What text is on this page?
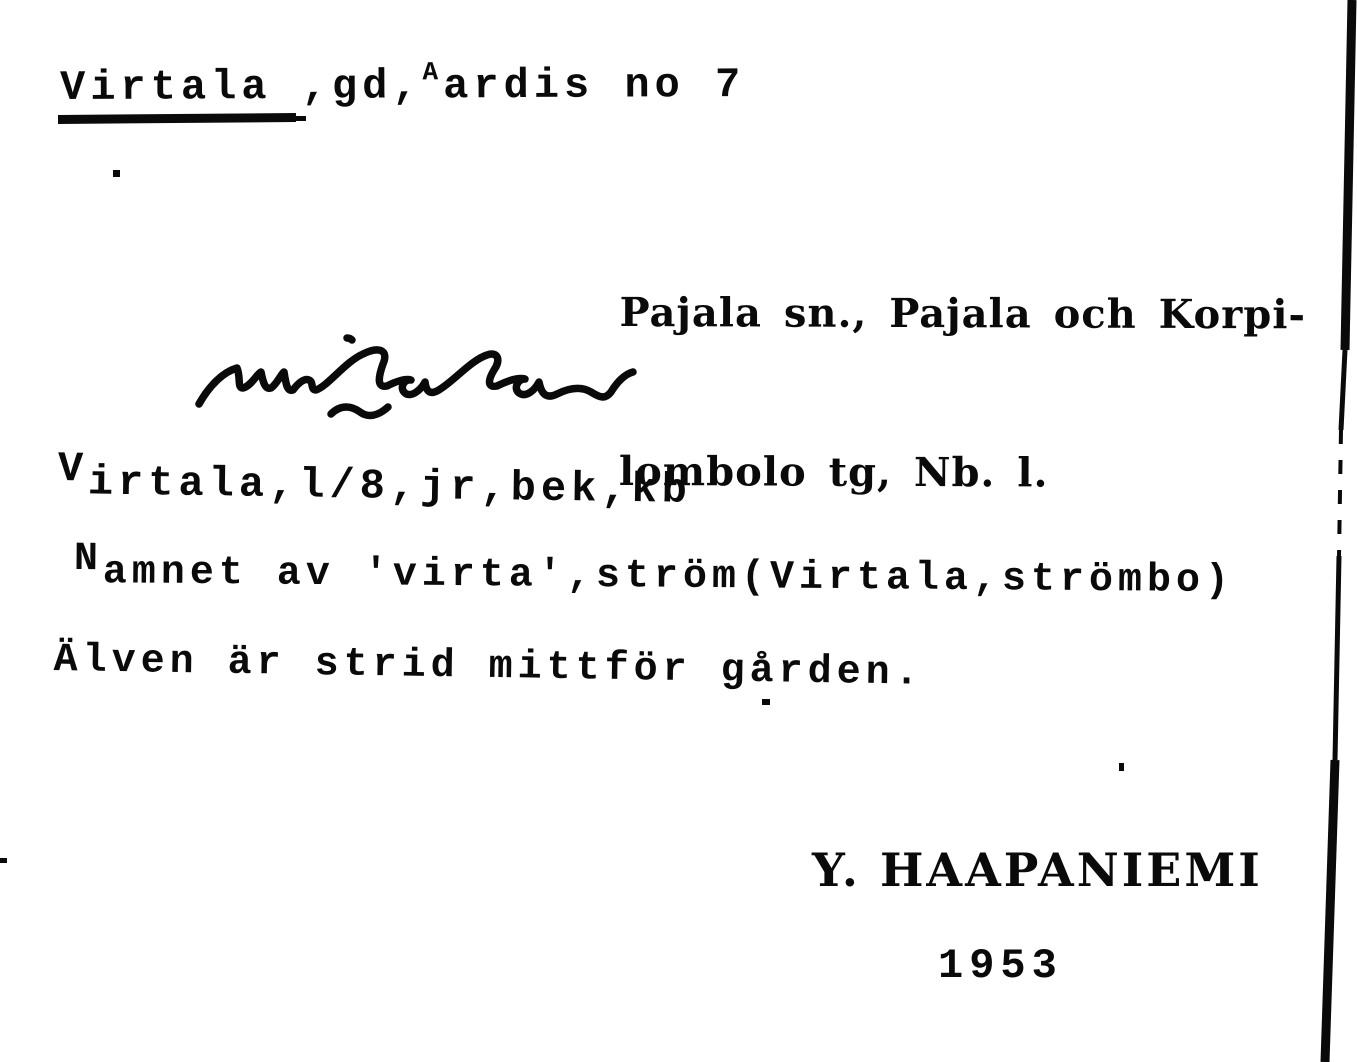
Virtala ,gd,Aardis no 7

Pajala sn., Pajala och Korpi-

lombolo tg, Nb. l.

Virtala,l/8,jr,bek,kb
Namnet av 'virta',ström(Virtala,strömbo)
Älven är strid mittför gården.
Y. HAAPANIEMI
1953
